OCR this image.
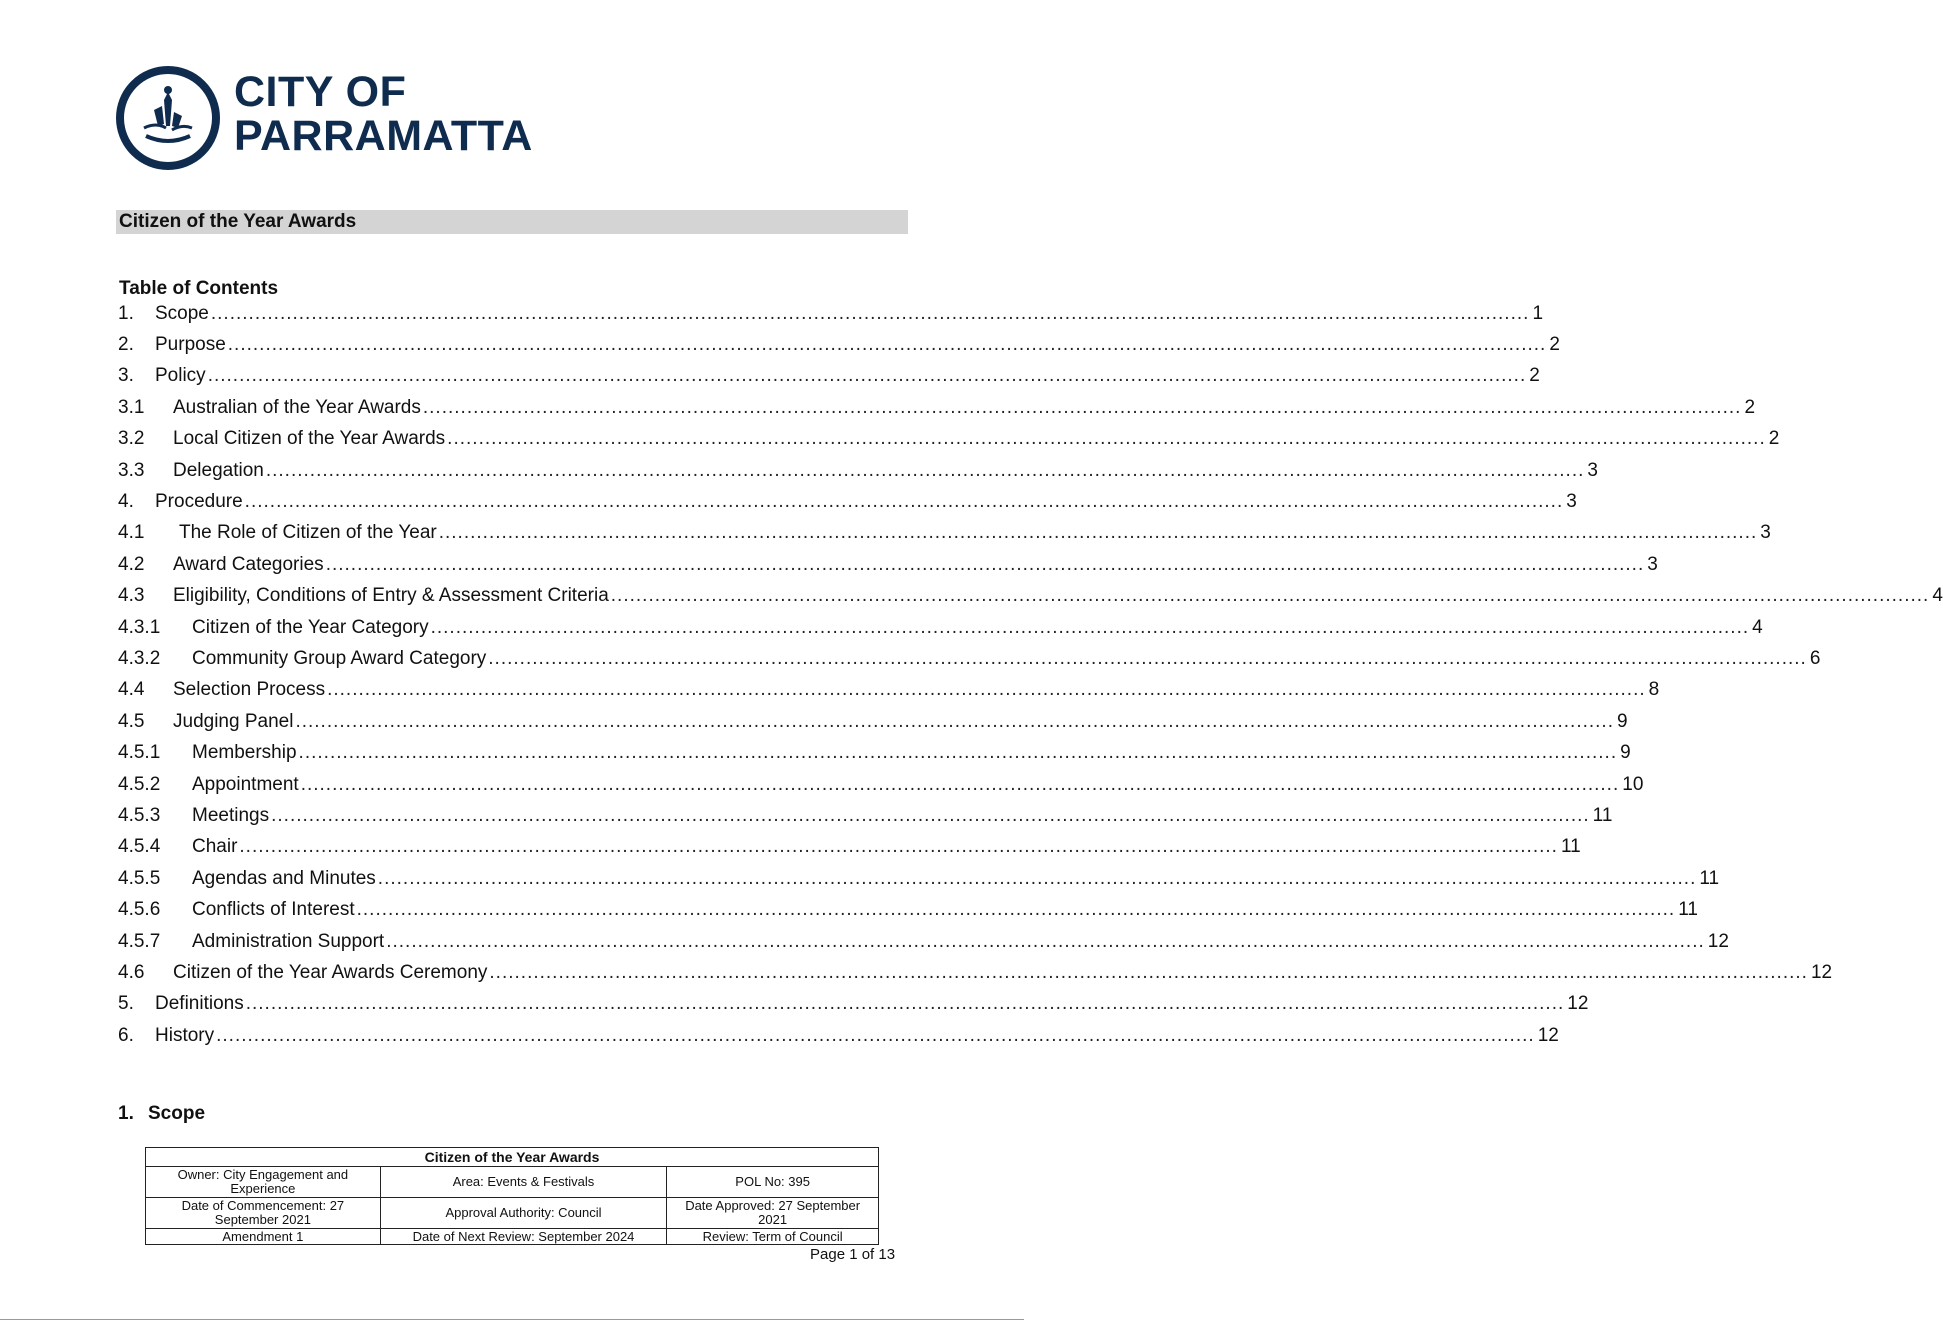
CITY OF
PARRAMATTA
Citizen of the Year Awards
Table of Contents
1.	Scope .................................................................................................................................................................................................................. 1
2.	Purpose .................................................................................................................................................................................................................. 2
3.	Policy .................................................................................................................................................................................................................. 2
3.1	Australian of the Year Awards .................................................................................................................................................................................................................. 2
3.2	Local Citizen of the Year Awards .................................................................................................................................................................................................................. 2
3.3	Delegation .................................................................................................................................................................................................................. 3
4.	Procedure .................................................................................................................................................................................................................. 3
4.1	The Role of Citizen of the Year .................................................................................................................................................................................................................. 3
4.2	Award Categories .................................................................................................................................................................................................................. 3
4.3	Eligibility, Conditions of Entry & Assessment Criteria .................................................................................................................................................................................................................. 4
4.3.1	Citizen of the Year Category .................................................................................................................................................................................................................. 4
4.3.2	Community Group Award Category .................................................................................................................................................................................................................. 6
4.4	Selection Process .................................................................................................................................................................................................................. 8
4.5	Judging Panel .................................................................................................................................................................................................................. 9
4.5.1	Membership .................................................................................................................................................................................................................. 9
4.5.2	Appointment .................................................................................................................................................................................................................. 10
4.5.3	Meetings .................................................................................................................................................................................................................. 11
4.5.4	Chair .................................................................................................................................................................................................................. 11
4.5.5	Agendas and Minutes .................................................................................................................................................................................................................. 11
4.5.6	Conflicts of Interest .................................................................................................................................................................................................................. 11
4.5.7	Administration Support .................................................................................................................................................................................................................. 12
4.6	Citizen of the Year Awards Ceremony .................................................................................................................................................................................................................. 12
5.	Definitions .................................................................................................................................................................................................................. 12
6.	History .................................................................................................................................................................................................................. 12
1. Scope
Citizen of the Year Awards		
Owner: City Engagement and Experience	Area: Events & Festivals	POL No: 395
Date of Commencement: 27 September 2021	Approval Authority: Council	Date Approved: 27 September 2021
Amendment 1	Date of Next Review: September 2024	Review: Term of Council
Page 1 of 13
